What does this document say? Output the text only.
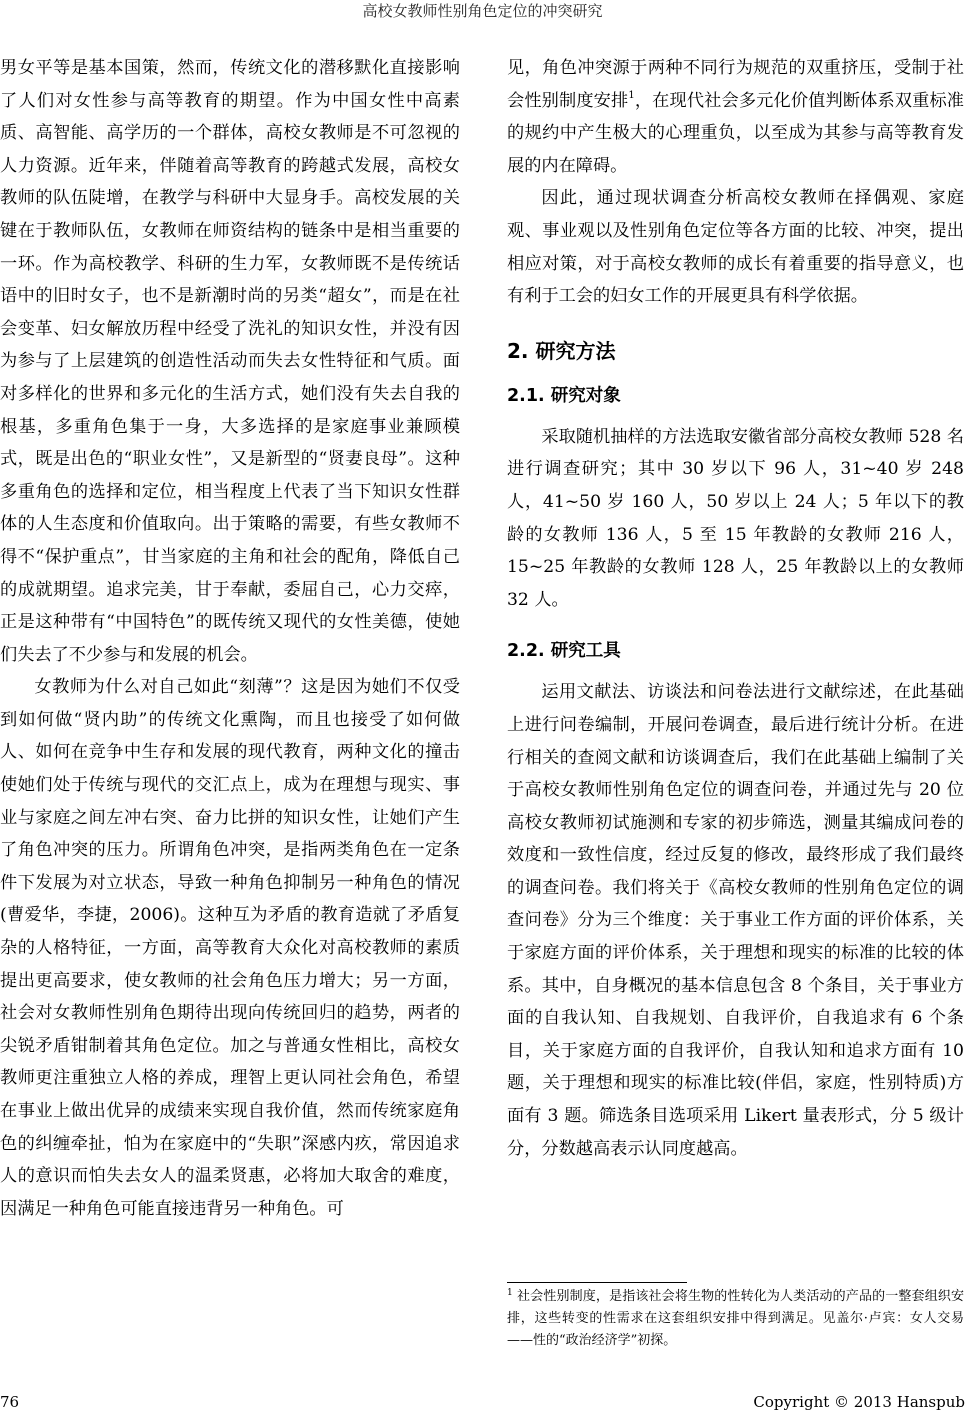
高校女教师性别角色定位的冲突研究

男女平等是基本国策，然而，传统文化的潜移默化直接影响了人们对女性参与高等教育的期望。作为中国女性中高素质、高智能、高学历的一个群体，高校女教师是不可忽视的人力资源。近年来，伴随着高等教育的跨越式发展，高校女教师的队伍陡增，在教学与科研中大显身手。高校发展的关键在于教师队伍，女教师在师资结构的链条中是相当重要的一环。作为高校教学、科研的生力军，女教师既不是传统话语中的旧时女子，也不是新潮时尚的另类“超女”，而是在社会变革、妇女解放历程中经受了洗礼的知识女性，并没有因为参与了上层建筑的创造性活动而失去女性特征和气质。面对多样化的世界和多元化的生活方式，她们没有失去自我的根基，多重角色集于一身，大多选择的是家庭事业兼顾模式，既是出色的“职业女性”，又是新型的“贤妻良母”。这种多重角色的选择和定位，相当程度上代表了当下知识女性群体的人生态度和价值取向。出于策略的需要，有些女教师不得不“保护重点”，甘当家庭的主角和社会的配角，降低自己的成就期望。追求完美，甘于奉献，委屈自己，心力交瘁，正是这种带有“中国特色”的既传统又现代的女性美德，使她们失去了不少参与和发展的机会。

女教师为什么对自己如此“刻薄”？这是因为她们不仅受到如何做“贤内助”的传统文化熏陶，而且也接受了如何做人、如何在竞争中生存和发展的现代教育，两种文化的撞击使她们处于传统与现代的交汇点上，成为在理想与现实、事业与家庭之间左冲右突、奋力比拼的知识女性，让她们产生了角色冲突的压力。所谓角色冲突，是指两类角色在一定条件下发展为对立状态，导致一种角色抑制另一种角色的情况(曹爱华，李捷，2006)。这种互为矛盾的教育造就了矛盾复杂的人格特征，一方面，高等教育大众化对高校教师的素质提出更高要求，使女教师的社会角色压力增大；另一方面，社会对女教师性别角色期待出现向传统回归的趋势，两者的尖锐矛盾钳制着其角色定位。加之与普通女性相比，高校女教师更注重独立人格的养成，理智上更认同社会角色，希望在事业上做出优异的成绩来实现自我价值，然而传统家庭角色的纠缠牵扯，怕为在家庭中的“失职”深感内疚，常因追求人的意识而怕失去女人的温柔贤惠，必将加大取舍的难度，因满足一种角色可能直接违背另一种角色。可

见，角色冲突源于两种不同行为规范的双重挤压，受制于社会性别制度安排$^1$，在现代社会多元化价值判断体系双重标准的规约中产生极大的心理重负，以至成为其参与高等教育发展的内在障碍。

因此，通过现状调查分析高校女教师在择偶观、家庭观、事业观以及性别角色定位等各方面的比较、冲突，提出相应对策，对于高校女教师的成长有着重要的指导意义，也有利于工会的妇女工作的开展更具有科学依据。

2. 研究方法
2.1. 研究对象

采取随机抽样的方法选取安徽省部分高校女教师 528 名进行调查研究；其中 30 岁以下 96 人，31~40 岁 248 人，41~50 岁 160 人，50 岁以上 24 人；5 年以下的教龄的女教师 136 人，5 至 15 年教龄的女教师 216 人，15~25 年教龄的女教师 128 人，25 年教龄以上的女教师 32 人。

2.2. 研究工具

运用文献法、访谈法和问卷法进行文献综述，在此基础上进行问卷编制，开展问卷调查，最后进行统计分析。在进行相关的查阅文献和访谈调查后，我们在此基础上编制了关于高校女教师性别角色定位的调查问卷，并通过先与 20 位高校女教师初试施测和专家的初步筛选，测量其编成问卷的效度和一致性信度，经过反复的修改，最终形成了我们最终的调查问卷。我们将关于《高校女教师的性别角色定位的调查问卷》分为三个维度：关于事业工作方面的评价体系，关于家庭方面的评价体系，关于理想和现实的标准的比较的体系。其中，自身概况的基本信息包含 8 个条目，关于事业方面的自我认知、自我规划、自我评价，自我追求有 6 个条目，关于家庭方面的自我评价，自我认知和追求方面有 10 题，关于理想和现实的标准比较(伴侣，家庭，性别特质)方面有 3 题。筛选条目选项采用 Likert 量表形式，分 5 级计分，分数越高表示认同度越高。

$^1$ 社会性别制度，是指该社会将生物的性转化为人类活动的产品的一整套组织安排，这些转变的性需求在这套组织安排中得到满足。见盖尔·卢宾：女人交易——性的“政治经济学”初探。
76	Copyright © 2013 Hanspub
